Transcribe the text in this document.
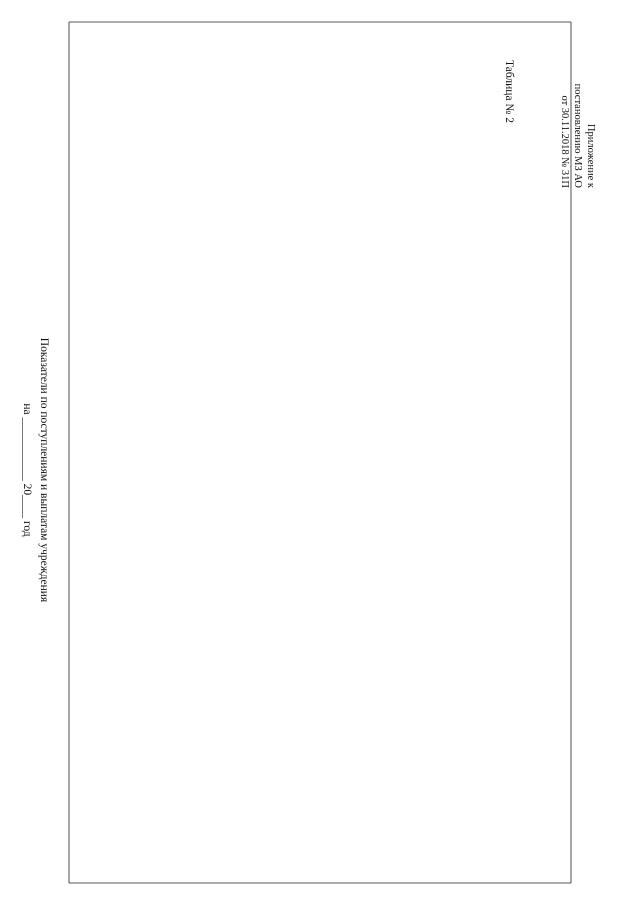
Приложение к
постановлению МЗ АО
от 30.11.2018 № 31П
Таблица № 2
Показатели по поступлениям и выплатам учреждения
на ___________ 20____ год
